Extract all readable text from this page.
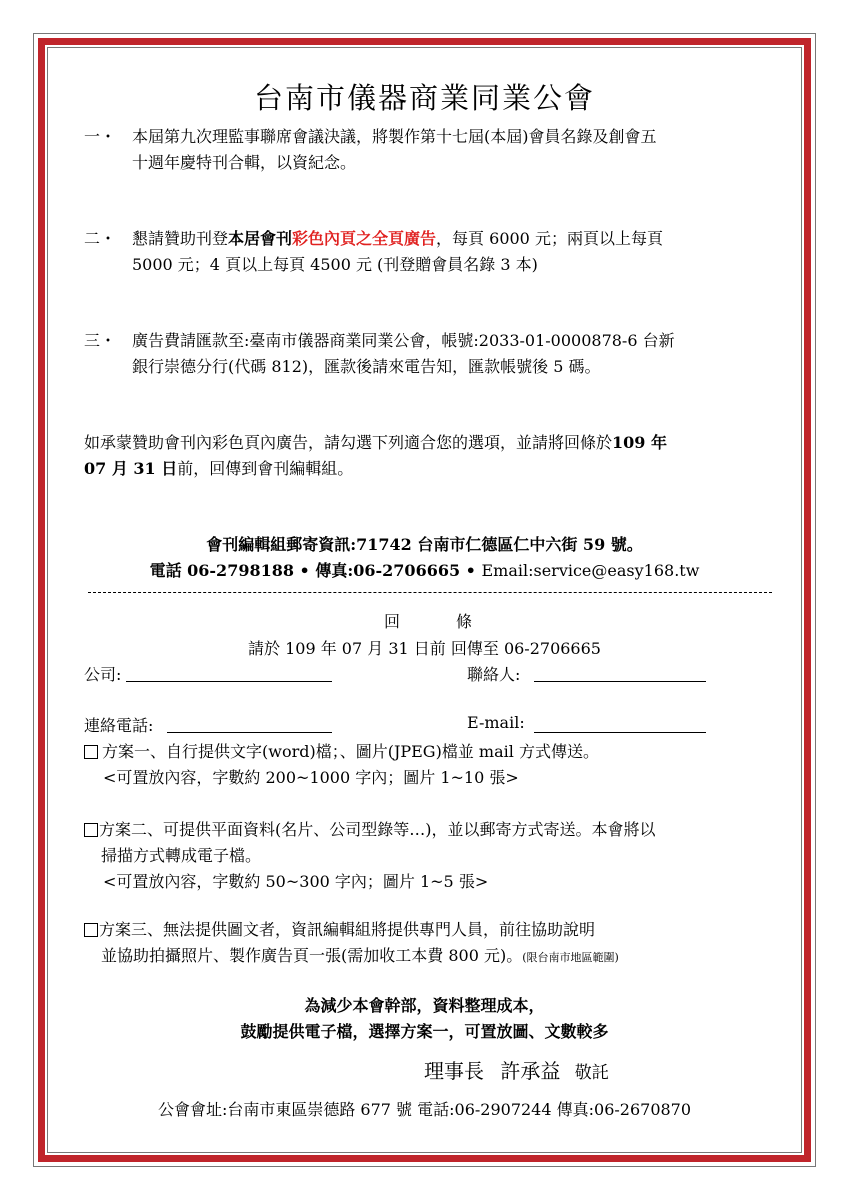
台南市儀器商業同業公會
一・ 本屆第九次理監事聯席會議決議，將製作第十七屆(本屆)會員名錄及創會五
十週年慶特刊合輯，以資紀念。
二・ 懇請贊助刊登本居會刊彩色內頁之全頁廣告，每頁 6000 元；兩頁以上每頁
5000 元；4 頁以上每頁 4500 元 (刊登贈會員名錄 3 本)
三・ 廣告費請匯款至:臺南市儀器商業同業公會，帳號:2033-01-0000878-6 台新
銀行崇德分行(代碼 812)，匯款後請來電告知，匯款帳號後 5 碼。
如承蒙贊助會刊內彩色頁內廣告，請勾選下列適合您的選項，並請將回條於109 年
07 月 31 日前，回傳到會刊編輯組。
會刊編輯組郵寄資訊:71742 台南市仁德區仁中六街 59 號。
電話 06-2798188 • 傳真:06-2706665 • Email:service@easy168.tw
回	條
請於 109 年 07 月 31 日前 回傳至 06-2706665
公司:	聯絡人:
連絡電話:	E-mail:
方案一、自行提供文字(word)檔；、圖片(JPEG)檔並 mail 方式傳送。
<可置放內容，字數約 200~1000 字內；圖片 1~10 張>
方案二、可提供平面資料(名片、公司型錄等…)，並以郵寄方式寄送。本會將以
掃描方式轉成電子檔。
<可置放內容，字數約 50~300 字內；圖片 1~5 張>
方案三、無法提供圖文者，資訊編輯組將提供專門人員，前往協助說明
並協助拍攝照片、製作廣告頁一張(需加收工本費 800 元)。(限台南市地區範圍)
為減少本會幹部，資料整理成本，
鼓勵提供電子檔，選擇方案一，可置放圖、文數較多
理事長 許承益 敬託
公會會址:台南市東區崇德路 677 號 電話:06-2907244 傳真:06-2670870
